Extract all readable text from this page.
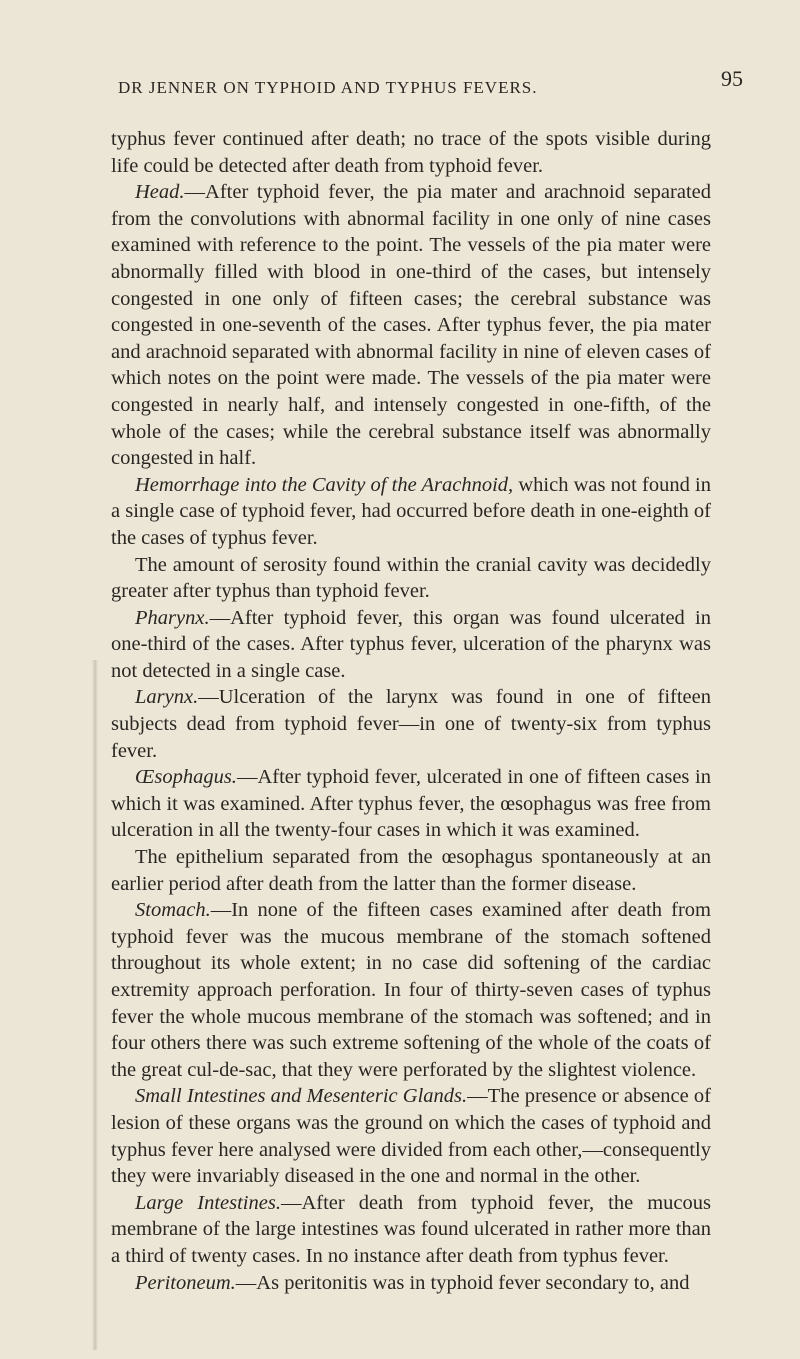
DR JENNER ON TYPHOID AND TYPHUS FEVERS.	95

typhus fever continued after death; no trace of the spots visible during life could be detected after death from typhoid fever.

Head.—After typhoid fever, the pia mater and arachnoid separated from the convolutions with abnormal facility in one only of nine cases examined with reference to the point. The vessels of the pia mater were abnormally filled with blood in one-third of the cases, but intensely congested in one only of fifteen cases; the cerebral substance was congested in one-seventh of the cases. After typhus fever, the pia mater and arachnoid separated with abnormal facility in nine of eleven cases of which notes on the point were made. The vessels of the pia mater were congested in nearly half, and intensely congested in one-fifth, of the whole of the cases; while the cerebral substance itself was abnormally congested in half.

Hemorrhage into the Cavity of the Arachnoid, which was not found in a single case of typhoid fever, had occurred before death in one-eighth of the cases of typhus fever.

The amount of serosity found within the cranial cavity was decidedly greater after typhus than typhoid fever.

Pharynx.—After typhoid fever, this organ was found ulcerated in one-third of the cases. After typhus fever, ulceration of the pharynx was not detected in a single case.

Larynx.—Ulceration of the larynx was found in one of fifteen subjects dead from typhoid fever—in one of twenty-six from typhus fever.

Œsophagus.—After typhoid fever, ulcerated in one of fifteen cases in which it was examined. After typhus fever, the œsophagus was free from ulceration in all the twenty-four cases in which it was examined.

The epithelium separated from the œsophagus spontaneously at an earlier period after death from the latter than the former disease.

Stomach.—In none of the fifteen cases examined after death from typhoid fever was the mucous membrane of the stomach softened throughout its whole extent; in no case did softening of the cardiac extremity approach perforation. In four of thirty-seven cases of typhus fever the whole mucous membrane of the stomach was softened; and in four others there was such extreme softening of the whole of the coats of the great cul-de-sac, that they were perforated by the slightest violence.

Small Intestines and Mesenteric Glands.—The presence or absence of lesion of these organs was the ground on which the cases of typhoid and typhus fever here analysed were divided from each other,—consequently they were invariably diseased in the one and normal in the other.

Large Intestines.—After death from typhoid fever, the mucous membrane of the large intestines was found ulcerated in rather more than a third of twenty cases. In no instance after death from typhus fever.

Peritoneum.—As peritonitis was in typhoid fever secondary to, and
